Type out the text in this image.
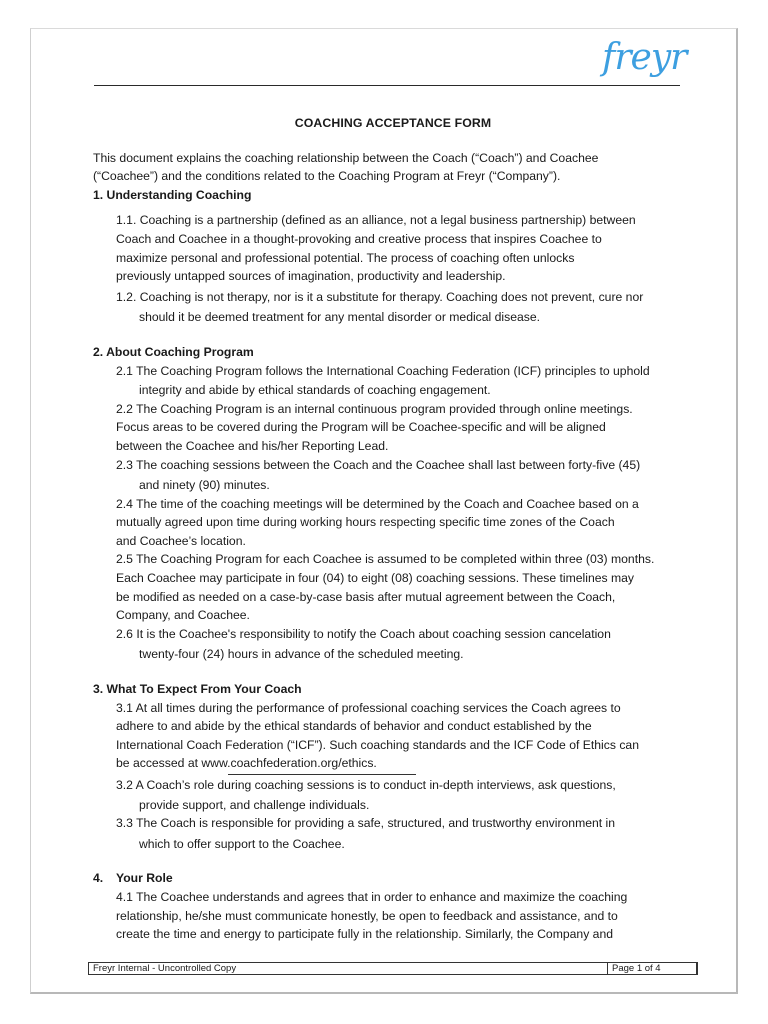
freyr
COACHING ACCEPTANCE FORM
This document explains the coaching relationship between the Coach (“Coach”) and Coachee
(“Coachee”) and the conditions related to the Coaching Program at Freyr (“Company”).
1. Understanding Coaching
1.1. Coaching is a partnership (defined as an alliance, not a legal business partnership) between
Coach and Coachee in a thought-provoking and creative process that inspires Coachee to
maximize personal and professional potential. The process of coaching often unlocks
previously untapped sources of imagination, productivity and leadership.
1.2. Coaching is not therapy, nor is it a substitute for therapy. Coaching does not prevent, cure nor
should it be deemed treatment for any mental disorder or medical disease.
2. About Coaching Program
2.1 The Coaching Program follows the International Coaching Federation (ICF) principles to uphold
integrity and abide by ethical standards of coaching engagement.
2.2 The Coaching Program is an internal continuous program provided through online meetings.
Focus areas to be covered during the Program will be Coachee-specific and will be aligned
between the Coachee and his/her Reporting Lead.
2.3 The coaching sessions between the Coach and the Coachee shall last between forty-five (45)
and ninety (90) minutes.
2.4 The time of the coaching meetings will be determined by the Coach and Coachee based on a
mutually agreed upon time during working hours respecting specific time zones of the Coach
and Coachee’s location.
2.5 The Coaching Program for each Coachee is assumed to be completed within three (03) months.
Each Coachee may participate in four (04) to eight (08) coaching sessions. These timelines may
be modified as needed on a case-by-case basis after mutual agreement between the Coach,
Company, and Coachee.
2.6 It is the Coachee's responsibility to notify the Coach about coaching session cancelation
twenty-four (24) hours in advance of the scheduled meeting.
3. What To Expect From Your Coach
3.1 At all times during the performance of professional coaching services the Coach agrees to
adhere to and abide by the ethical standards of behavior and conduct established by the
International Coach Federation (“ICF”). Such coaching standards and the ICF Code of Ethics can
be accessed at www.coachfederation.org/ethics.
3.2 A Coach’s role during coaching sessions is to conduct in-depth interviews, ask questions,
provide support, and challenge individuals.
3.3 The Coach is responsible for providing a safe, structured, and trustworthy environment in
which to offer support to the Coachee.
4.	Your Role
4.1 The Coachee understands and agrees that in order to enhance and maximize the coaching
relationship, he/she must communicate honestly, be open to feedback and assistance, and to
create the time and energy to participate fully in the relationship. Similarly, the Company and
Freyr Internal - Uncontrolled Copy	Page 1 of 4
